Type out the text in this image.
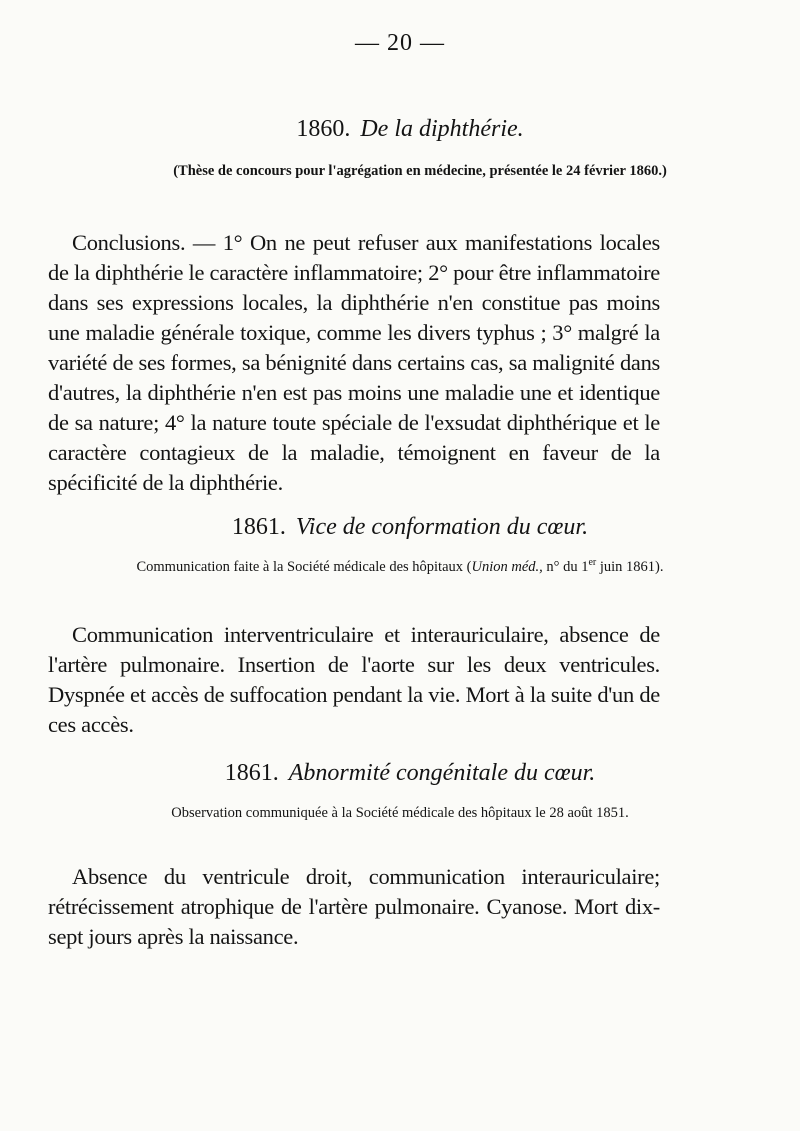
— 20 —
1860. De la diphthérie.
(Thèse de concours pour l'agrégation en médecine, présentée le 24 février 1860.)
Conclusions. — 1° On ne peut refuser aux manifestations locales de la diphthérie le caractère inflammatoire; 2° pour être inflammatoire dans ses expressions locales, la diphthérie n'en constitue pas moins une maladie générale toxique, comme les divers typhus ; 3° malgré la variété de ses formes, sa bénignité dans certains cas, sa malignité dans d'autres, la diphthérie n'en est pas moins une maladie une et identique de sa nature; 4° la nature toute spéciale de l'exsudat diphthérique et le caractère contagieux de la maladie, témoignent en faveur de la spécificité de la diphthérie.
1861. Vice de conformation du cœur.
Communication faite à la Société médicale des hôpitaux (Union méd., n° du 1er juin 1861).
Communication interventriculaire et interauriculaire, absence de l'artère pulmonaire. Insertion de l'aorte sur les deux ventricules. Dyspnée et accès de suffocation pendant la vie. Mort à la suite d'un de ces accès.
1861. Abnormité congénitale du cœur.
Observation communiquée à la Société médicale des hôpitaux le 28 août 1851.
Absence du ventricule droit, communication interauriculaire; rétrécissement atrophique de l'artère pulmonaire. Cyanose. Mort dix-sept jours après la naissance.
